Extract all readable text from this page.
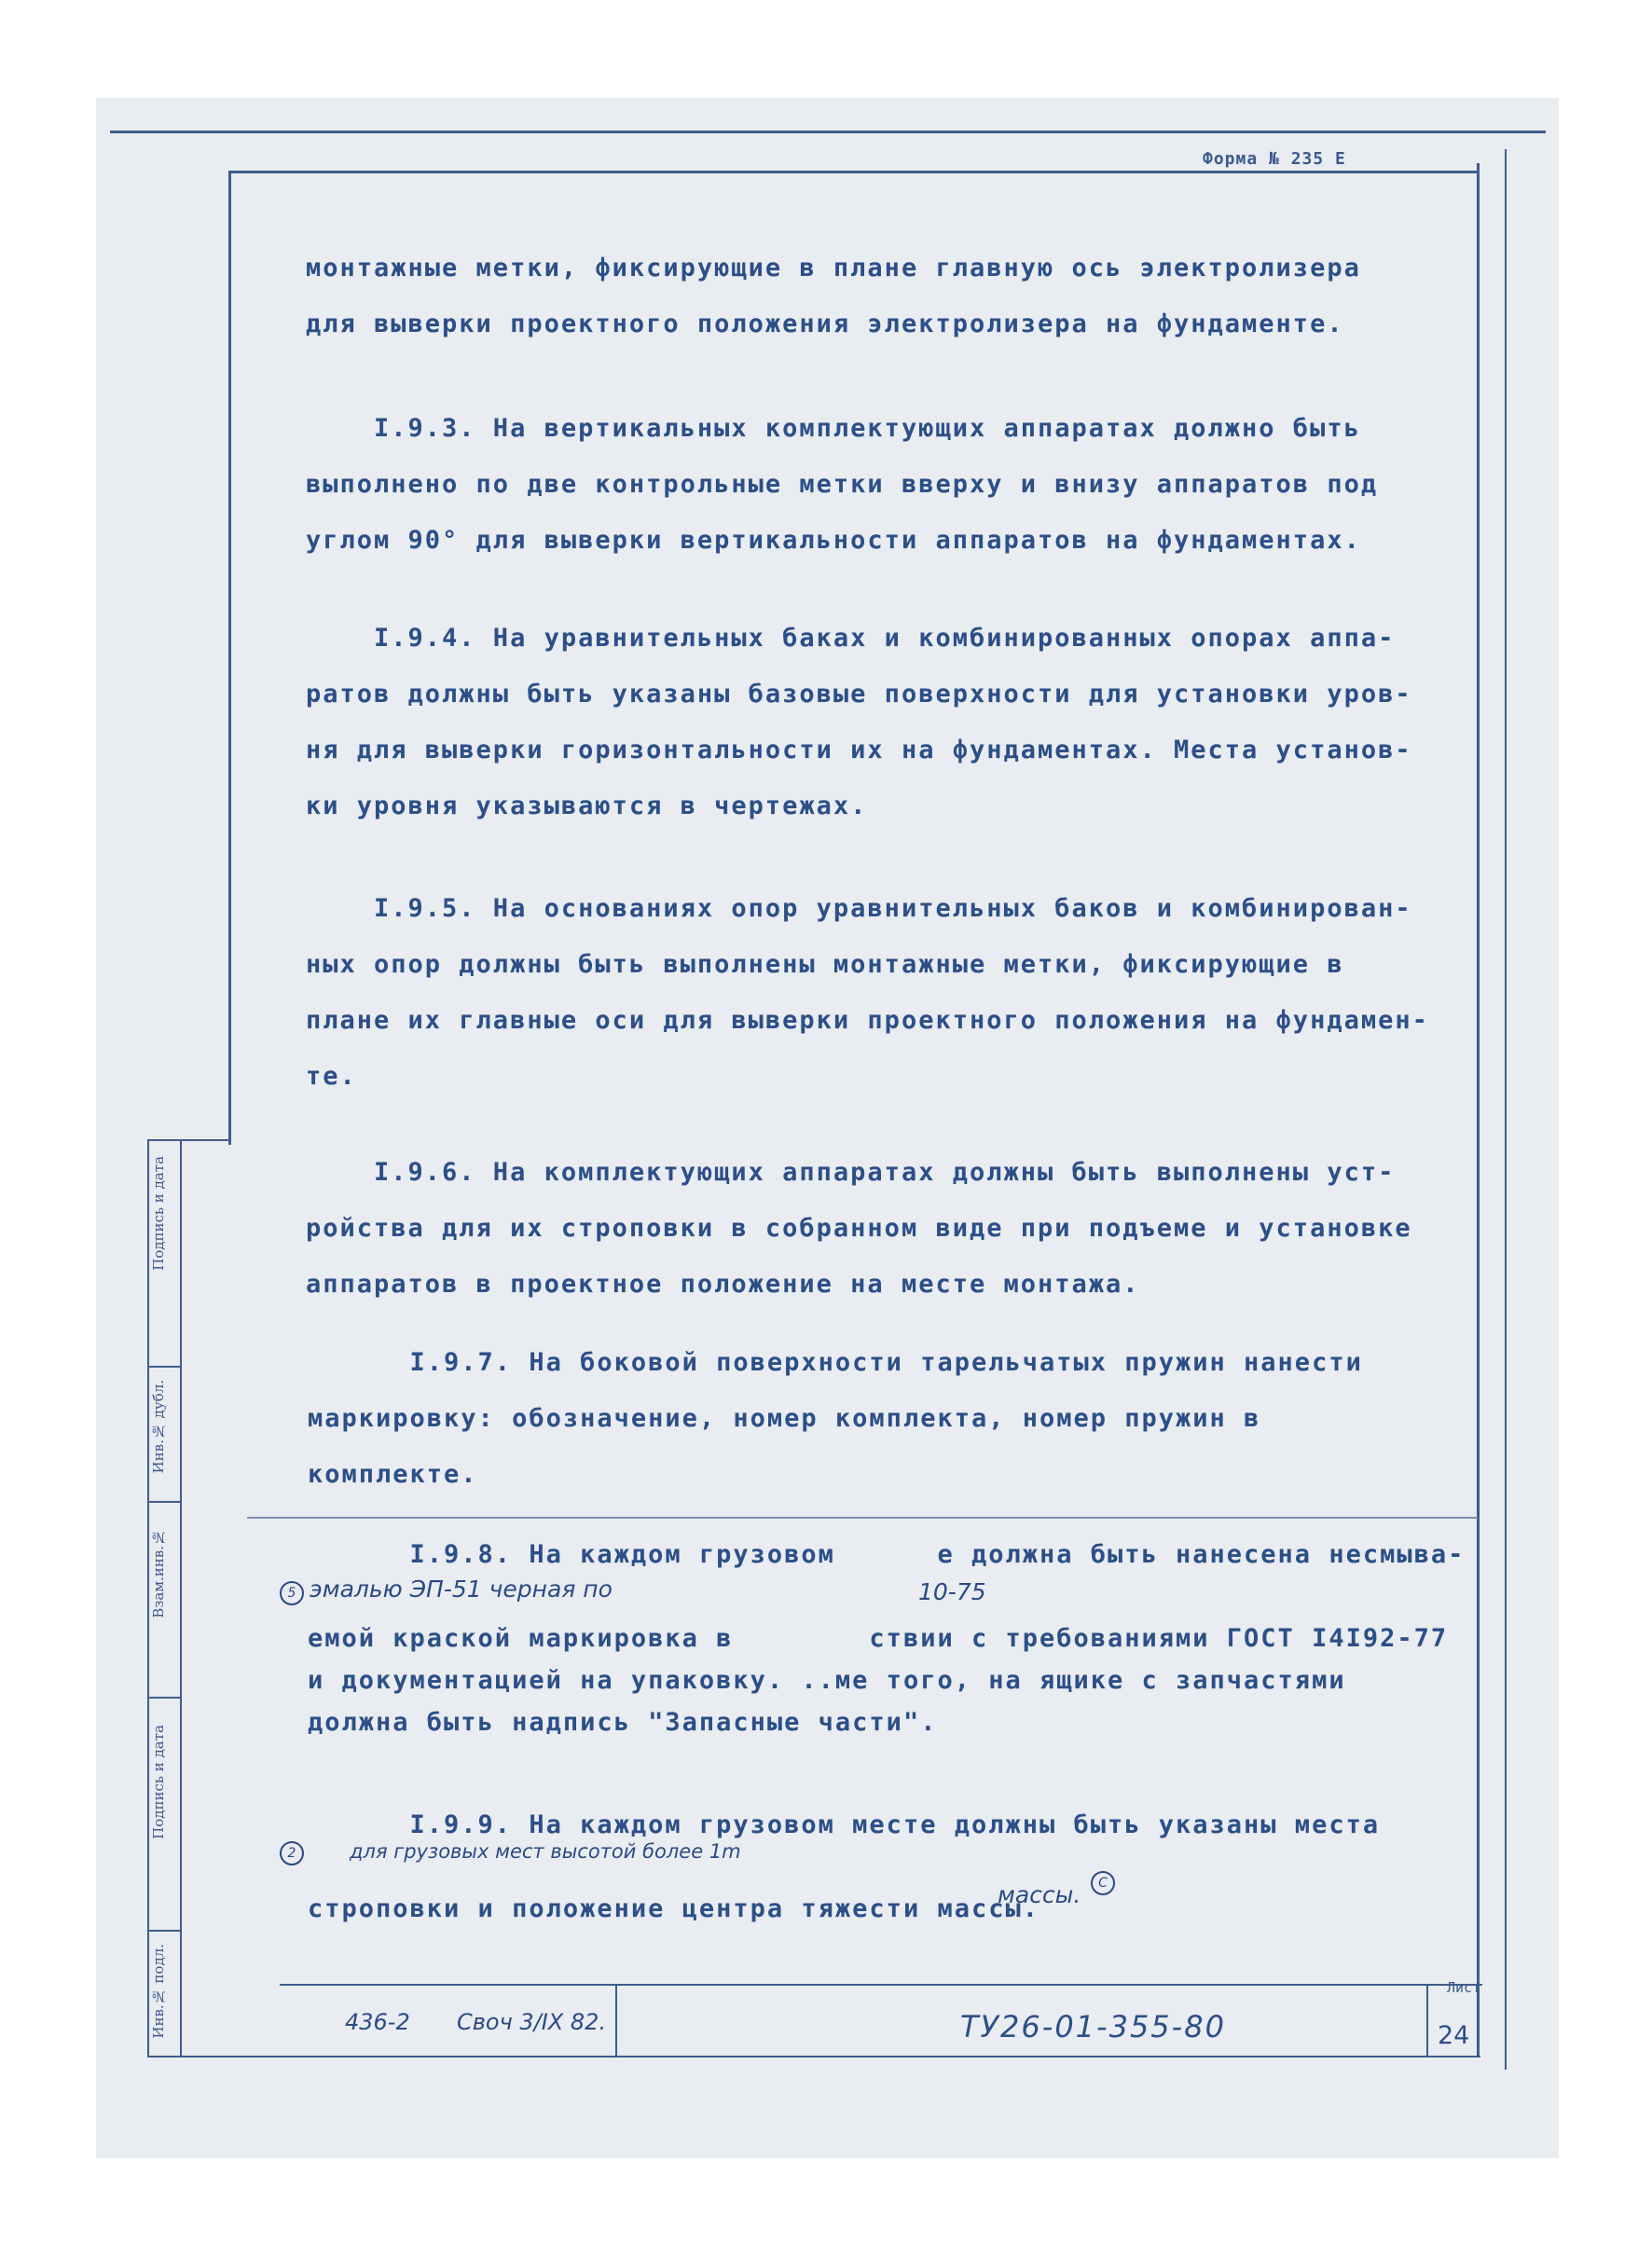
Подпись и дата
Инв.№ дубл.
Взам.инв.№
Подпись и дата
Инв.№ подл.
Форма № 235 Е

монтажные метки, фиксирующие в плане главную ось электролизера
для выверки проектного положения электролизера на фундаменте.

I.9.3. На вертикальных комплектующих аппаратах должно быть
выполнено по две контрольные метки вверху и внизу аппаратов под
углом 90° для выверки вертикальности аппаратов на фундаментах.

I.9.4. На уравнительных баках и комбинированных опорах аппа-
ратов должны быть указаны базовые поверхности для установки уров-
ня для выверки горизонтальности их на фундаментах. Места установ-
ки уровня указываются в чертежах.

I.9.5. На основаниях опор уравнительных баков и комбинирован-
ных опор должны быть выполнены монтажные метки, фиксирующие в
плане их главные оси для выверки проектного положения на фундамен-
те.

I.9.6. На комплектующих аппаратах должны быть выполнены уст-
ройства для их строповки в собранном виде при подъеме и установке
аппаратов в проектное положение на месте монтажа.

I.9.7. На боковой поверхности тарельчатых пружин нанести
маркировку: обозначение, номер комплекта, номер пружин в
комплекте.

I.9.8. На каждом грузовом      е должна быть нанесена несмыва-

емой краской маркировка в        ствии с требованиями ГОСТ I4I92-77
и документацией на упаковку. ..ме того, на ящике с запчастями
должна быть надпись "Запасные части".

I.9.9. На каждом грузовом месте должны быть указаны места

строповки и положение центра тяжести массы.

5 эмалью ЭП-51 черная по	10-75
2	для грузовых мест высотой более 1m
массы.	C
436-2 Своч 3/IX 82.	ТУ26-01-355-80
Лист
24
